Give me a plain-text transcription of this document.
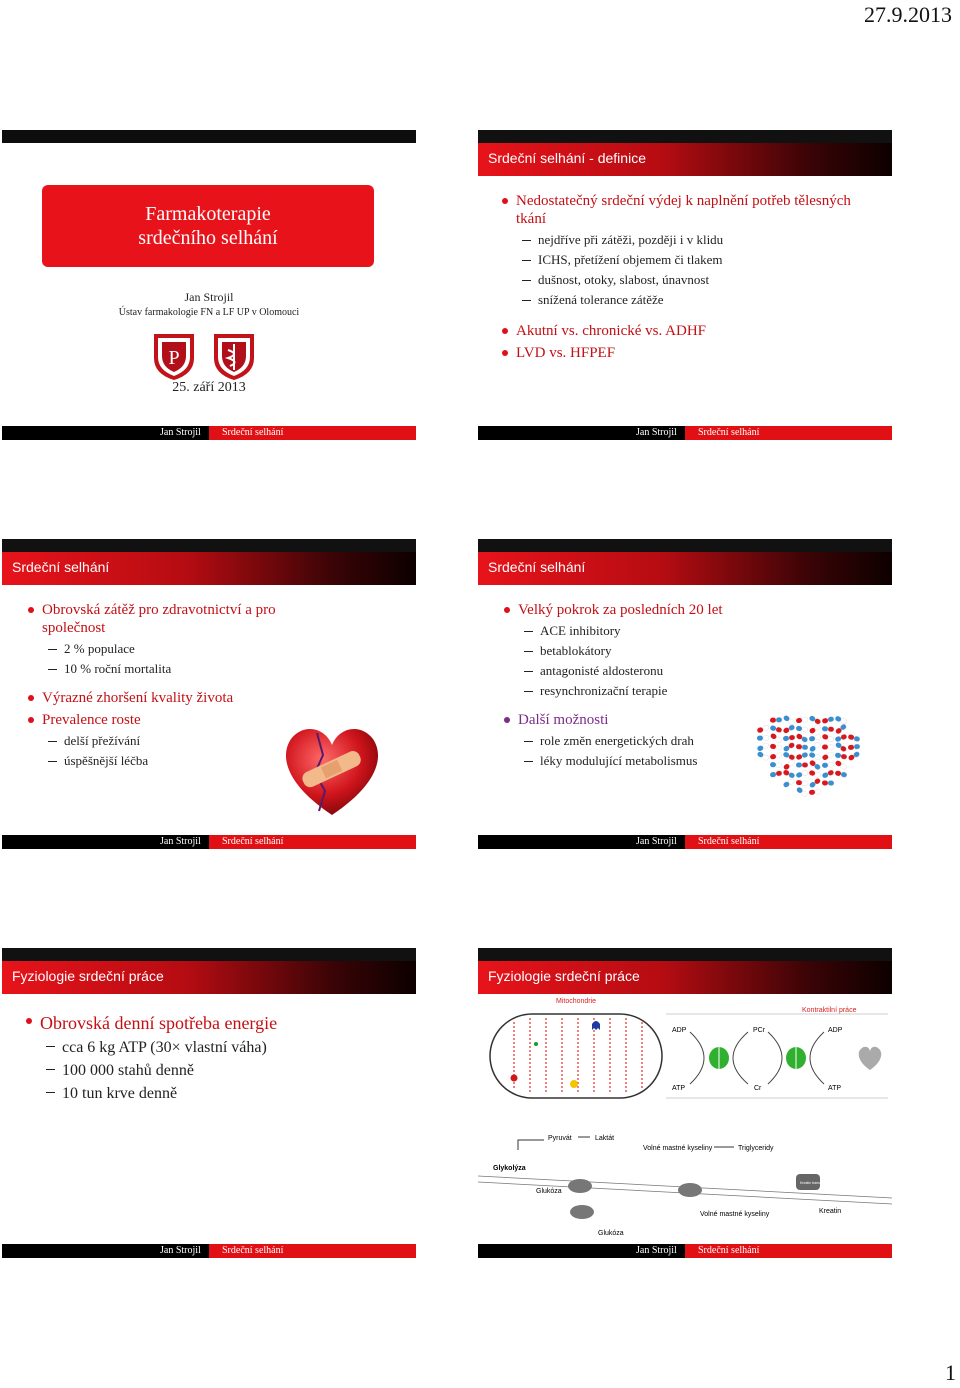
27.9.2013
Farmakoterapie
srdečního selhání
Jan Strojil
Ústav farmakologie FN a LF UP v Olomouci
P
25. září 2013
Jan Strojil Srdeční selhání
Srdeční selhání - definice
Nedostatečný srdeční výdej k naplnění potřeb tělesných tkání
nejdříve při zátěži, později i v klidu
ICHS, přetížení objemem či tlakem
dušnost, otoky, slabost, únavnost
snížená tolerance zátěže
Akutní vs. chronické vs. ADHF
LVD vs. HFPEF
Jan Strojil Srdeční selhání
Srdeční selhání
Obrovská zátěž pro zdravotnictví a pro společnost
2 % populace
10 % roční mortalita
Výrazné zhoršení kvality života
Prevalence roste
delší přežívání
úspěšnější léčba
Jan Strojil Srdeční selhání
Srdeční selhání
Velký pokrok za posledních 20 let
ACE inhibitory
betablokátory
antagonisté aldosteronu
resynchronizační terapie
Další možnosti
role změn energetických drah
léky modulující metabolismus
Jan Strojil Srdeční selhání
Fyziologie srdeční práce
Obrovská denní spotřeba energie
cca 6 kg ATP (30× vlastní váha)
100 000 stahů denně
10 tun krve denně
Jan Strojil Srdeční selhání
Fyziologie srdeční práce
Mitochondrie
Kontraktilní práce
ADP
ATP
PCr
Cr
ADP
ATP
Pyruvát	Laktát
Volné mastné kyseliny	Triglyceridy
Glykolýza
Glukóza
Kreatin transportér
Volné mastné kyseliny	Kreatin
Glukóza
Jan Strojil Srdeční selhání
1
